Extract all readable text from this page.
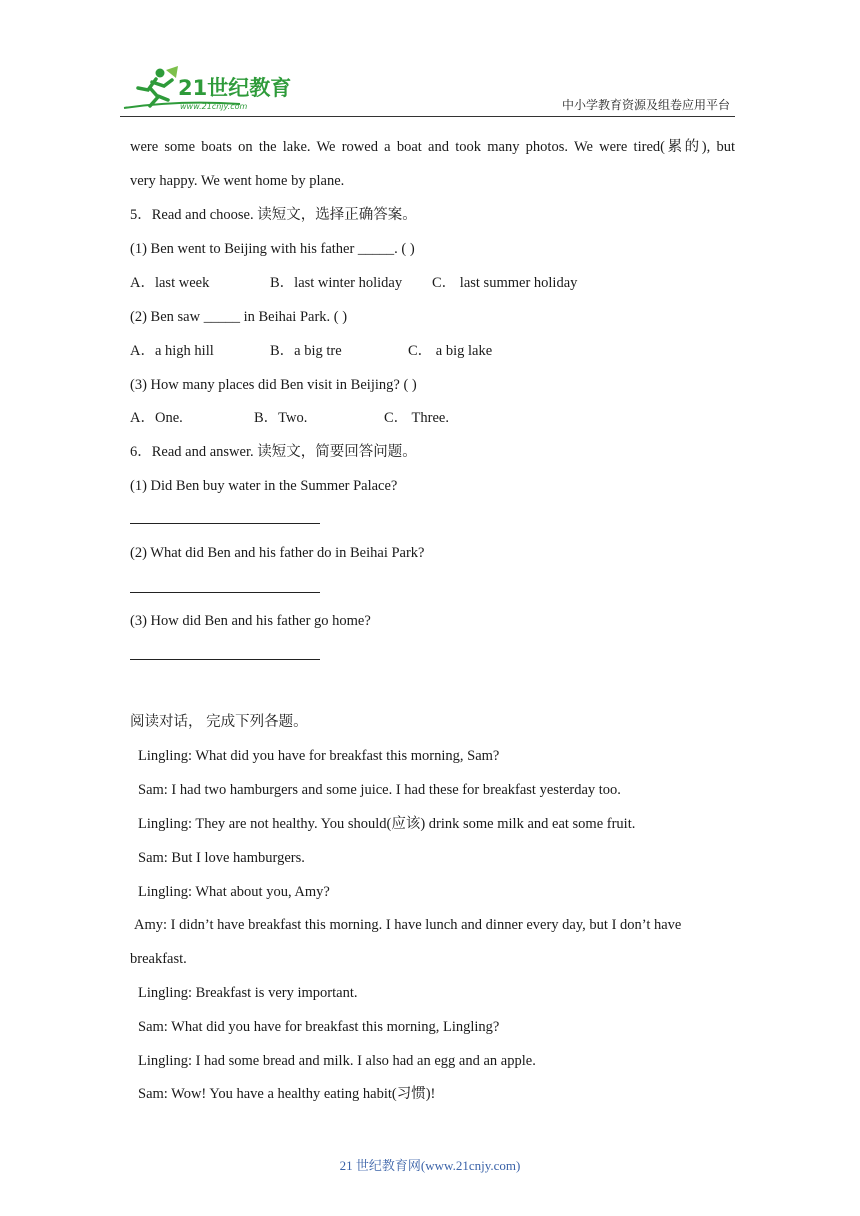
21世纪教育
www.21cnjy.com	中小学教育资源及组卷应用平台
were some boats on the lake. We rowed a boat and took many photos. We were tired(累的), but
very happy. We went home by plane.
5．Read and choose. 读短文，选择正确答案。
(1) Ben went to Beijing with his father _____. ( )
A．last week	B．last winter holiday C． last summer holiday
(2) Ben saw _____ in Beihai Park. ( )
A．a high hill	B．a big tre	C． a big lake
(3) How many places did Ben visit in Beijing? ( )
A．One.	B．Two.	C． Three.
6．Read and answer. 读短文，简要回答问题。
(1) Did Ben buy water in the Summer Palace?
(2) What did Ben and his father do in Beihai Park?
(3) How did Ben and his father go home?
阅读对话， 完成下列各题。
Lingling: What did you have for breakfast this morning, Sam?
Sam: I had two hamburgers and some juice. I had these for breakfast yesterday too.
Lingling: They are not healthy. You should(应该) drink some milk and eat some fruit.
Sam: But I love hamburgers.
Lingling: What about you, Amy?
Amy: I didn’t have breakfast this morning. I have lunch and dinner every day, but I don’t have
breakfast.
Lingling: Breakfast is very important.
Sam: What did you have for breakfast this morning, Lingling?
Lingling: I had some bread and milk. I also had an egg and an apple.
Sam: Wow! You have a healthy eating habit(习惯)!
21 世纪教育网(www.21cnjy.com)
